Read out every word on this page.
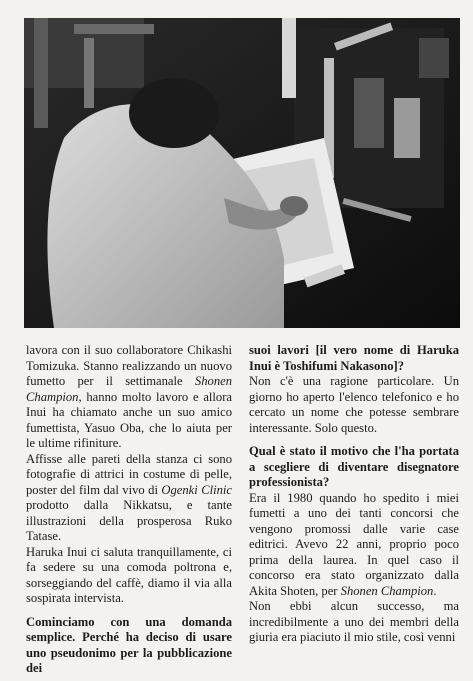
lavora con il suo collaboratore Chikashi Tomizuka. Stanno realizzando un nuovo fumetto per il settimanale Shonen Champion, hanno molto lavoro e allora Inui ha chiamato anche un suo amico fumettista, Yasuo Oba, che lo aiuta per le ultime rifiniture.

Affisse alle pareti della stanza ci sono fotografie di attrici in costume di pelle, poster del film dal vivo di Ogenki Clinic prodotto dalla Nikkatsu, e tante illustrazioni della prosperosa Ruko Tatase.

Haruka Inui ci saluta tranquillamente, ci fa sedere su una comoda poltrona e, sorseggiando del caffè, diamo il via alla sospirata intervista.

Cominciamo con una domanda semplice. Perché ha deciso di usare uno pseudonimo per la pubblicazione dei

suoi lavori [il vero nome di Haruka Inui è Toshifumi Nakasono]?

Non c'è una ragione particolare. Un giorno ho aperto l'elenco telefonico e ho cercato un nome che potesse sembrare interessante. Solo questo.

Qual è stato il motivo che l'ha portata a scegliere di diventare disegnatore professionista?

Era il 1980 quando ho spedito i miei fumetti a uno dei tanti concorsi che vengono promossi dalle varie case editrici. Avevo 22 anni, proprio poco prima della laurea. In quel caso il concorso era stato organizzato dalla Akita Shoten, per Shonen Champion.

Non ebbi alcun successo, ma incredibilmente a uno dei membri della giuria era piaciuto il mio stile, così venni
